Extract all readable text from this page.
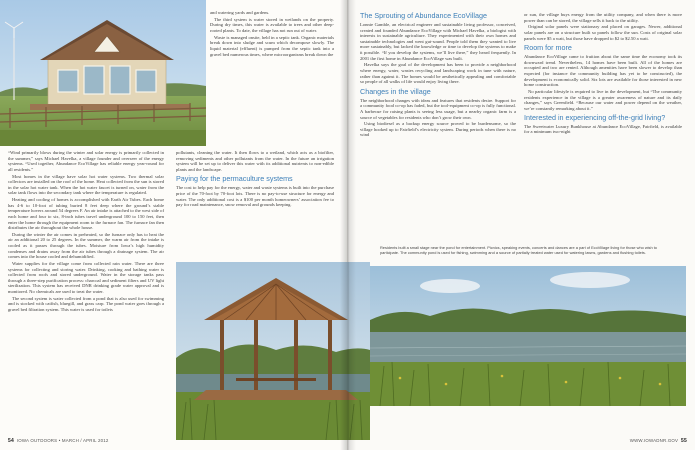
“Wind primarily blows during the winter and solar energy is primarily collected in the summer,” says Michael Havelka, a village founder and overseer of the energy systems. “Used together, Abundance EcoVillage has reliable energy year-round for all residents.”

Most homes in the village have solar hot water systems. Two thermal solar collectors are installed on the roof of the home. Heat collected from the sun is stored in the solar hot water tank. When the hot water faucet is turned on, water from the solar tank flows into the secondary tank where the temperature is regulated.

Heating and cooling of homes is accomplished with Earth Air Tubes. Each home has 4-6 to 10-foot of tubing buried 8 feet deep where the ground’s stable temperature hovers around 54 degrees F. An air intake is attached to the west side of each home and four to six, 8-inch tubes travel underground 100 to 150 feet, then enter the home through the equipment room to the furnace fan. The furnace fan then distributes the air throughout the whole house.

During the winter the air comes in preheated, so the furnace only has to heat the air an additional 20 to 25 degrees. In the summer, the warm air from the intake is cooled as it passes through the tubes. Moisture from Iowa’s high humidity condenses and drains away from the air tubes through a drainage system. The air comes into the house cooled and dehumidified.

Water supplies for the village come from collected rain water. There are three systems for collecting and storing water. Drinking, cooking and bathing water is collected from roofs and stored underground. Water in the storage tanks pass through a three-step purification process: charcoal and sediment filters and UV light sterilization. This system has received DNR drinking grade water approval and is monitored. No chemicals are used to treat the water.

The second system is water collected from a pond that is also used for swimming and is stocked with catfish, bluegill, and grass carp. The pond water goes through a gravel bed filtration system. This water is used for toilets

and watering yards and gardens.

The third system is water stored in wetlands on the property. During dry times, this water is available to trees and other deep-rooted plants. To date, the village has not run out of water.

Waste is managed onsite, held in a septic tank. Organic materials break down into sludge and scum which decompose slowly. The liquid material (effluent) is pumped from the septic tank into a gravel bed numerous times, where microorganisms break down the

pollutants, cleaning the water. It then flows to a wetland, which acts as a biofilter, removing sediments and other pollutants from the water. In the future an irrigation system will be set up to deliver this water with its additional nutrients to non-edible plants and the landscape.

Paying for the permaculture systems

The cost to help pay for the energy, water and waste systems is built into the purchase price of the 70-foot by 70-foot lots. There is no pay-to-use structure for energy and water. The only additional cost is a $100 per month homeowners’ association fee to pay for road maintenance, snow removal and grounds keeping.

54 IOWA OUTDOORS • MARCH / APRIL 2012
The Sprouting of Abundance EcoVillage

Lonnie Gamble, an electrical engineer and sustainable living professor, conceived, created and founded Abundance EcoVillage with Michael Havelka, a biologist with interests in sustainable agriculture. They experimented with their own homes and sustainable technologies and went gut-sound. People told them they wanted to live more sustainably, but lacked the knowledge or time to develop the systems to make it possible. “If you develop the systems, we’ll live there,” they heard frequently. In 2001 the first home in Abundance EcoVillage was built.

Havelka says the goal of the development has been to provide a neighborhood where energy, water, wastes recycling and landscaping work in tune with nature, rather than against it. The homes would be aesthetically appealing and comfortable so people of all walks of life would enjoy living there.

Changes in the village

The neighborhood changes with ideas and features that residents desire. Support for a community food co-op has faded, but the tool-equipment co-op is fully functional. A barbecue for raising plants is seeing less usage, but a nearby organic farm is a source of vegetables for residents who don’t grow their own.

Using biodiesel as a backup energy source proved to be burdensome, so the village hooked up to Fairfield’s electricity system. During periods when there is no wind

or sun, the village buys energy from the utility company, and when there is more power than can be stored, the village sells it back to the utility.

Original solar panels were stationary and placed on garages. Newer, additional solar panels are on a structure built so panels follow the sun. Costs of original solar panels were $5 a watt, but those have dropped to $2 to $2.50 a watt.

Room for more

Abundance EcoVillage came to fruition about the same time the economy took its downward trend. Nevertheless, 14 homes have been built. All of the homes are occupied and two are rented. Although amenities have been slower to develop than expected (for instance the community building has yet to be constructed), the development is economically solid. Six lots are available for those interested in new home construction.

No particular lifestyle is required to live in the development, but “The community residents experience in the village is a greater awareness of nature and its daily changes,” says Greenfield. “Because our water and power depend on the weather, we’re constantly remarking about it.”

Interested in experiencing off-the-grid living?

The Sweetwater Luxury Bunkhouse at Abundance EcoVillage, Fairfield, is available for a minimum two-night

WWW.IOWADNR.GOV 55
Residents built a small stage near the pond for entertainment. Picnics, speaking events, concerts and dances are a part of EcoVillage living for those who wish to participate. The community pond is used for fishing, swimming and a source of partially treated water used for watering lawns, gardens and flushing toilets.
